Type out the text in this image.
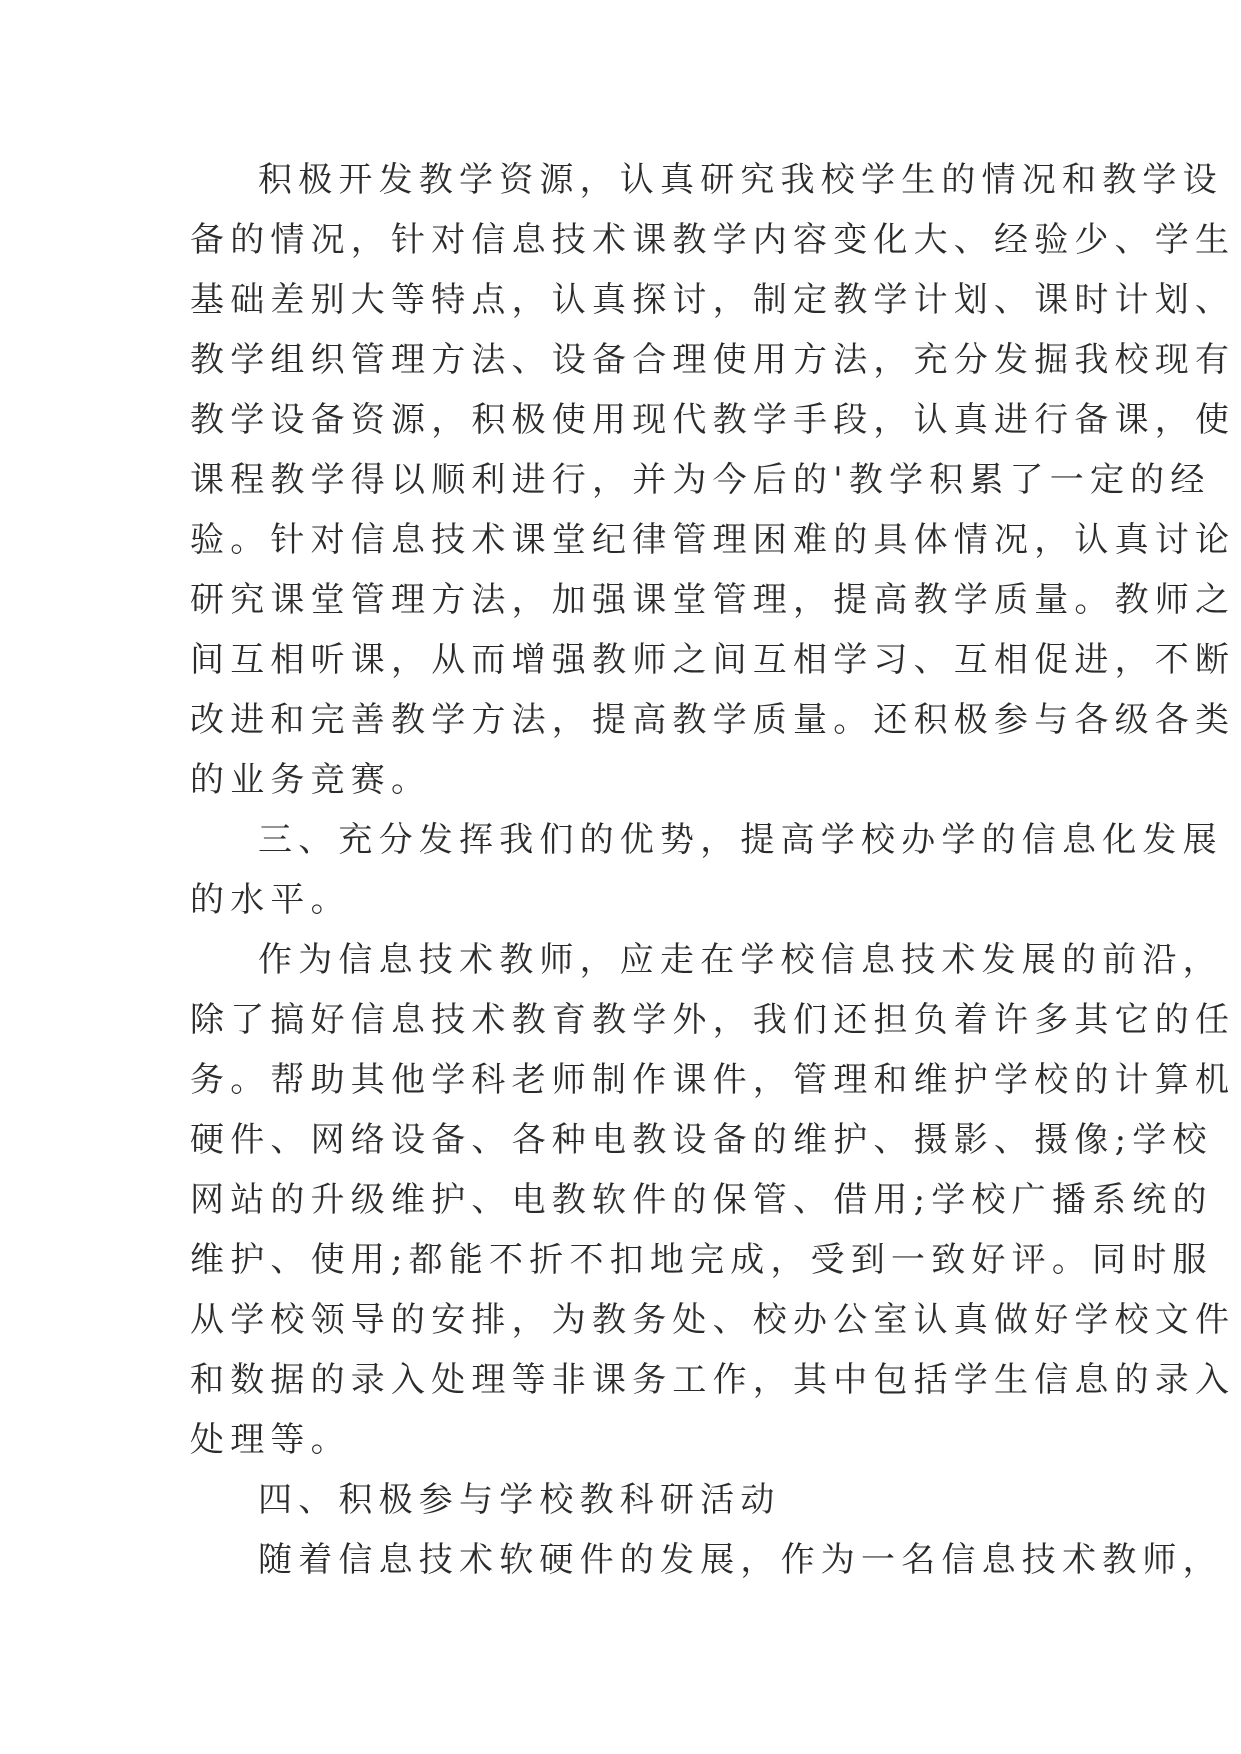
积极开发教学资源，认真研究我校学生的情况和教学设
备的情况，针对信息技术课教学内容变化大、经验少、学生
基础差别大等特点，认真探讨，制定教学计划、课时计划、
教学组织管理方法、设备合理使用方法，充分发掘我校现有
教学设备资源，积极使用现代教学手段，认真进行备课，使
课程教学得以顺利进行，并为今后的'教学积累了一定的经
验。针对信息技术课堂纪律管理困难的具体情况，认真讨论
研究课堂管理方法，加强课堂管理，提高教学质量。教师之
间互相听课，从而增强教师之间互相学习、互相促进，不断
改进和完善教学方法，提高教学质量。还积极参与各级各类
的业务竞赛。
三、充分发挥我们的优势，提高学校办学的信息化发展
的水平。
作为信息技术教师，应走在学校信息技术发展的前沿，
除了搞好信息技术教育教学外，我们还担负着许多其它的任
务。帮助其他学科老师制作课件，管理和维护学校的计算机
硬件、网络设备、各种电教设备的维护、摄影、摄像;学校
网站的升级维护、电教软件的保管、借用;学校广播系统的
维护、使用;都能不折不扣地完成，受到一致好评。同时服
从学校领导的安排，为教务处、校办公室认真做好学校文件
和数据的录入处理等非课务工作，其中包括学生信息的录入
处理等。
四、积极参与学校教科研活动
随着信息技术软硬件的发展，作为一名信息技术教师，
